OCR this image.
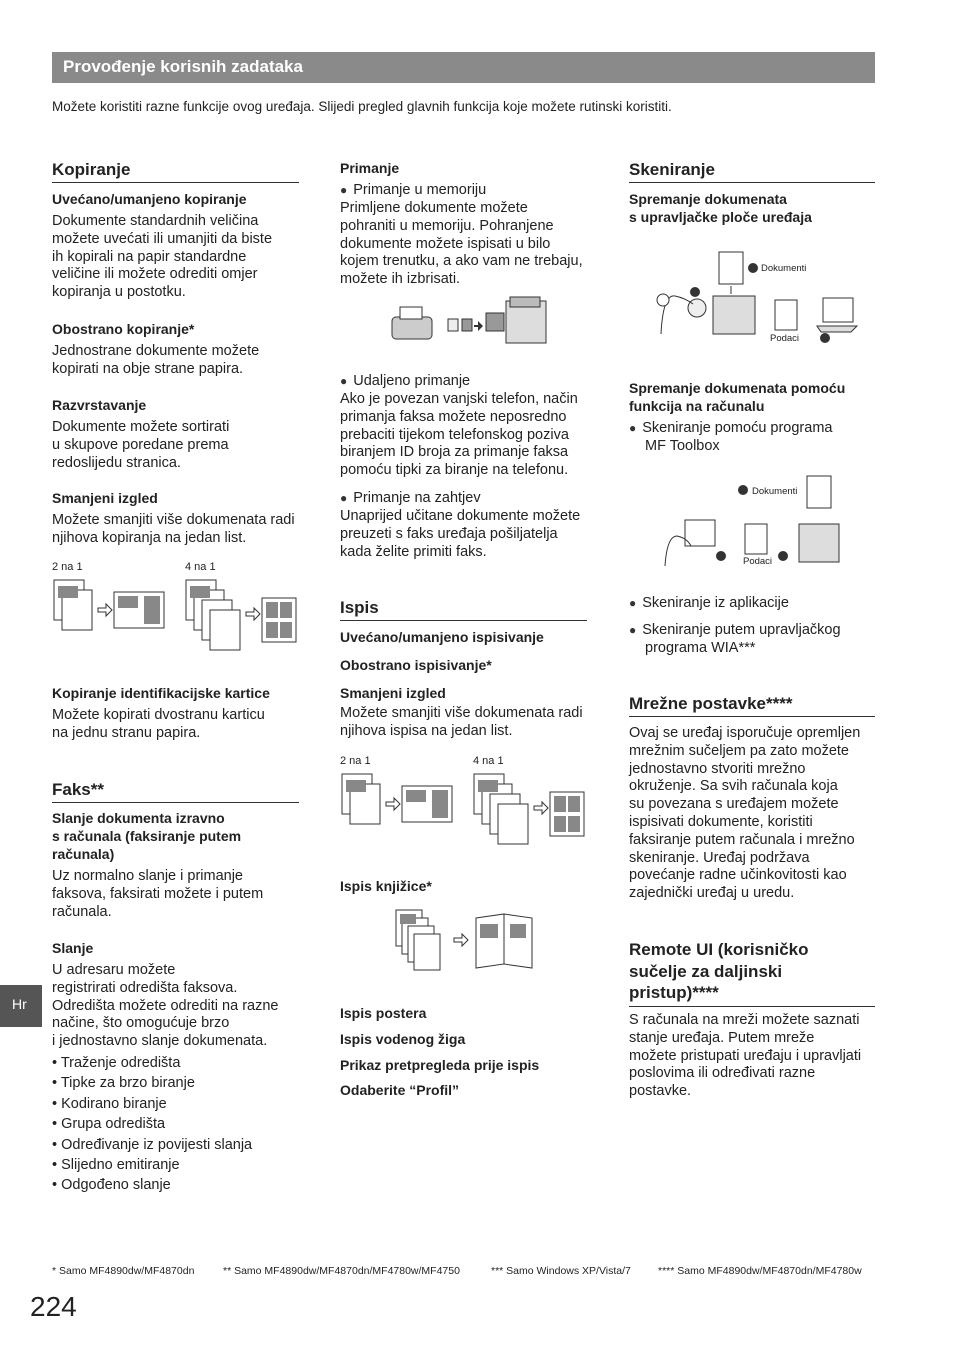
Provođenje korisnih zadataka
Možete koristiti razne funkcije ovog uređaja. Slijedi pregled glavnih funkcija koje možete rutinski koristiti.
Kopiranje
Uvećano/umanjeno kopiranje
Dokumente standardnih veličina
možete uvećati ili umanjiti da biste
ih kopirali na papir standardne
veličine ili možete odrediti omjer
kopiranja u postotku.
Obostrano kopiranje*
Jednostrane dokumente možete
kopirati na obje strane papira.
Razvrstavanje
Dokumente možete sortirati
u skupove poredane prema
redoslijedu stranica.
Smanjeni izgled
Možete smanjiti više dokumenata radi
njihova kopiranja na jedan list.
2 na 1	4 na 1
Kopiranje identifikacijske kartice
Možete kopirati dvostranu karticu
na jednu stranu papira.
Faks**
Slanje dokumenta izravno
s računala (faksiranje putem
računala)
Uz normalno slanje i primanje
faksova, faksirati možete i putem
računala.
Slanje
U adresaru možete
registrirati odredišta faksova.
Odredišta možete odrediti na razne
načine, što omogućuje brzo
i jednostavno slanje dokumenata.
• Traženje odredišta
• Tipke za brzo biranje
• Kodirano biranje
• Grupa odredišta
• Određivanje iz povijesti slanja
• Slijedno emitiranje
• Odgođeno slanje
Primanje
● Primanje u memoriju
Primljene dokumente možete
pohraniti u memoriju. Pohranjene
dokumente možete ispisati u bilo
kojem trenutku, a ako vam ne trebaju,
možete ih izbrisati.
● Udaljeno primanje
Ako je povezan vanjski telefon, način
primanja faksa možete neposredno
prebaciti tijekom telefonskog poziva
biranjem ID broja za primanje faksa
pomoću tipki za biranje na telefonu.
● Primanje na zahtjev
Unaprijed učitane dokumente možete
preuzeti s faks uređaja pošiljatelja
kada želite primiti faks.
Ispis
Uvećano/umanjeno ispisivanje
Obostrano ispisivanje*
Smanjeni izgled
Možete smanjiti više dokumenata radi
njihova ispisa na jedan list.
2 na 1	4 na 1
Ispis knjižice*
Ispis postera
Ispis vodenog žiga
Prikaz pretpregleda prije ispis
Odaberite “Profil”
Skeniranje
Spremanje dokumenata
s upravljačke ploče uređaja
Dokumenti
Podaci
Spremanje dokumenata pomoću
funkcija na računalu
● Skeniranje pomoću programa
MF Toolbox
Dokumenti
Podaci
● Skeniranje iz aplikacije
● Skeniranje putem upravljačkog
programa WIA***
Mrežne postavke****
Ovaj se uređaj isporučuje opremljen
mrežnim sučeljem pa zato možete
jednostavno stvoriti mrežno
okruženje. Sa svih računala koja
su povezana s uređajem možete
ispisivati dokumente, koristiti
faksiranje putem računala i mrežno
skeniranje. Uređaj podržava
povećanje radne učinkovitosti kao
zajednički uređaj u uredu.
Remote UI (korisničko
sučelje za daljinski
pristup)****
S računala na mreži možete saznati
stanje uređaja. Putem mreže
možete pristupati uređaju i upravljati
poslovima ili određivati razne
postavke.
Hr
* Samo MF4890dw/MF4870dn	** Samo MF4890dw/MF4870dn/MF4780w/MF4750	*** Samo Windows XP/Vista/7	**** Samo MF4890dw/MF4870dn/MF4780w
224
